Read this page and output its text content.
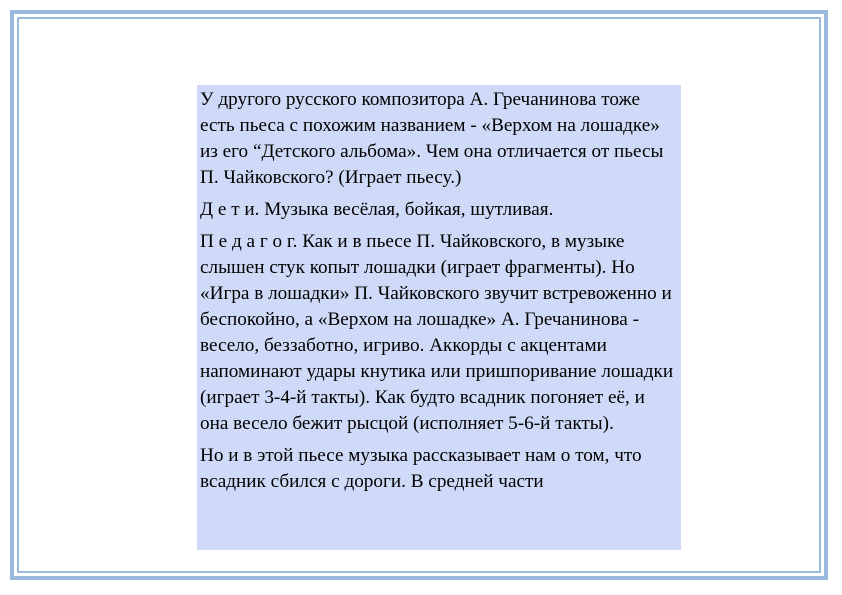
У другого русского композитора А. Гречанинова тоже есть пьеса с похожим названием - «Верхом на лошадке» из его “Детского альбома». Чем она отличается от пьесы П. Чайковского? (Играет пьесу.)

Д е т и. Музыка весёлая, бойкая, шутливая.

П е д а г о г. Как и в пьесе П. Чайковского, в музыке слышен стук копыт лошадки (играет фрагменты). Но «Игра в лошадки» П. Чайковского звучит встревоженно и беспокойно, а «Верхом на лошадке» А. Гречанинова - весело, беззаботно, игриво. Аккорды с акцентами напоминают удары кнутика или пришпоривание лошадки (играет 3-4-й такты). Как будто всадник погоняет её, и она весело бежит рысцой (исполняет 5-6-й такты).

Но и в этой пьесе музыка рассказывает нам о том, что всадник сбился с дороги. В средней части
